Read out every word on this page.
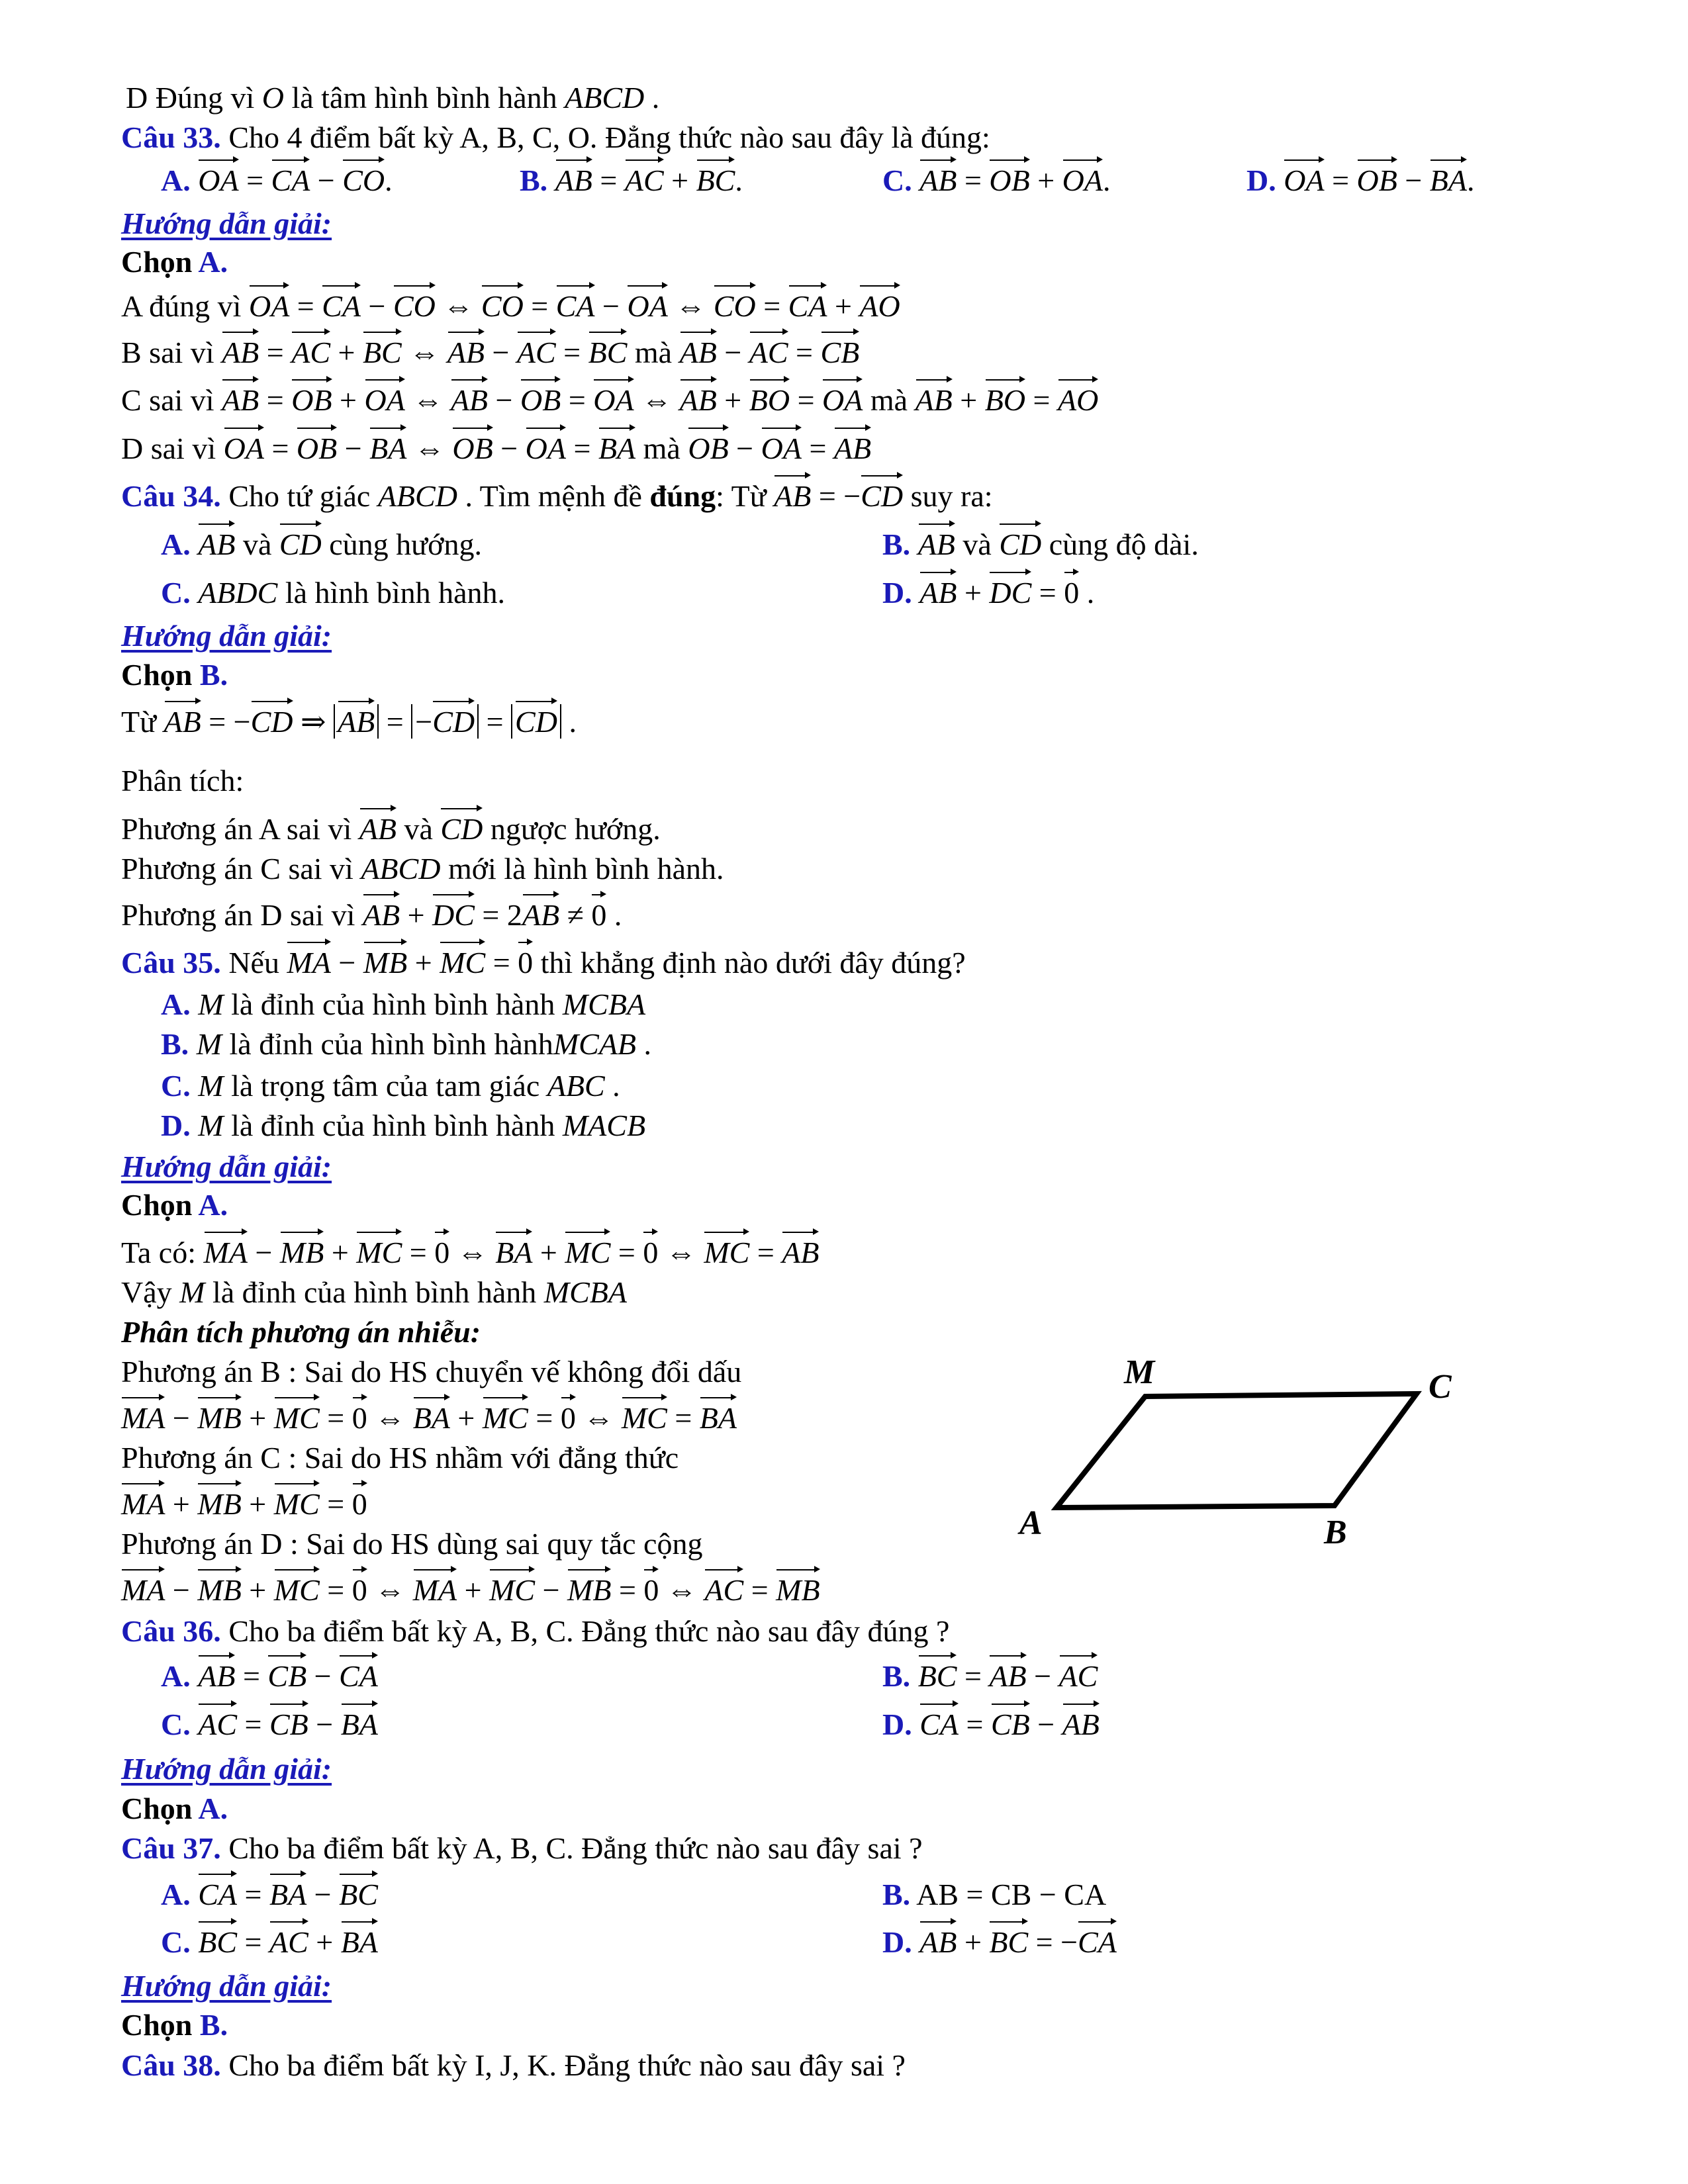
D Đúng vì O là tâm hình bình hành ABCD .
Câu 33. Cho 4 điểm bất kỳ A, B, C, O. Đẳng thức nào sau đây là đúng:
A. OA = CA − CO.	B. AB = AC + BC.	C. AB = OB + OA.	D. OA = OB − BA.
Hướng dẫn giải:
Chọn A.
A đúng vì OA = CA − CO ⇔ CO = CA − OA ⇔ CO = CA + AO
B sai vì AB = AC + BC ⇔ AB − AC = BC mà AB − AC = CB
C sai vì AB = OB + OA ⇔ AB − OB = OA ⇔ AB + BO = OA mà AB + BO = AO
D sai vì OA = OB − BA ⇔ OB − OA = BA mà OB − OA = AB
Câu 34. Cho tứ giác ABCD . Tìm mệnh đề đúng: Từ AB = −CD suy ra:
A. AB và CD cùng hướng.	B. AB và CD cùng độ dài.
C. ABDC là hình bình hành.	D. AB + DC = 0 .
Hướng dẫn giải:
Chọn B.
Từ AB = −CD ⇒ AB = −CD = CD .
Phân tích:
Phương án A sai vì AB và CD ngược hướng.
Phương án C sai vì ABCD mới là hình bình hành.
Phương án D sai vì AB + DC = 2AB ≠ 0 .
Câu 35. Nếu MA − MB + MC = 0 thì khẳng định nào dưới đây đúng?
A. M là đỉnh của hình bình hành MCBA
B. M là đỉnh của hình bình hànhMCAB .
C. M là trọng tâm của tam giác ABC .
D. M là đỉnh của hình bình hành MACB
Hướng dẫn giải:
Chọn A.
Ta có: MA − MB + MC = 0 ⇔ BA + MC = 0 ⇔ MC = AB
Vậy M là đỉnh của hình bình hành MCBA
Phân tích phương án nhiễu:
Phương án B : Sai do HS chuyển vế không đổi dấu
MA − MB + MC = 0 ⇔ BA + MC = 0 ⇔ MC = BA
Phương án C : Sai do HS nhầm với đẳng thức
MA + MB + MC = 0
Phương án D : Sai do HS dùng sai quy tắc cộng
MA − MB + MC = 0 ⇔ MA + MC − MB = 0 ⇔ AC = MB
M	C
A	B
Câu 36. Cho ba điểm bất kỳ A, B, C. Đẳng thức nào sau đây đúng ?
A. AB = CB − CA	B. BC = AB − AC
C. AC = CB − BA	D. CA = CB − AB
Hướng dẫn giải:
Chọn A.
Câu 37. Cho ba điểm bất kỳ A, B, C. Đẳng thức nào sau đây sai ?
A. CA = BA − BC	B. AB = CB − CA
C. BC = AC + BA	D. AB + BC = −CA
Hướng dẫn giải:
Chọn B.
Câu 38. Cho ba điểm bất kỳ I, J, K. Đẳng thức nào sau đây sai ?
